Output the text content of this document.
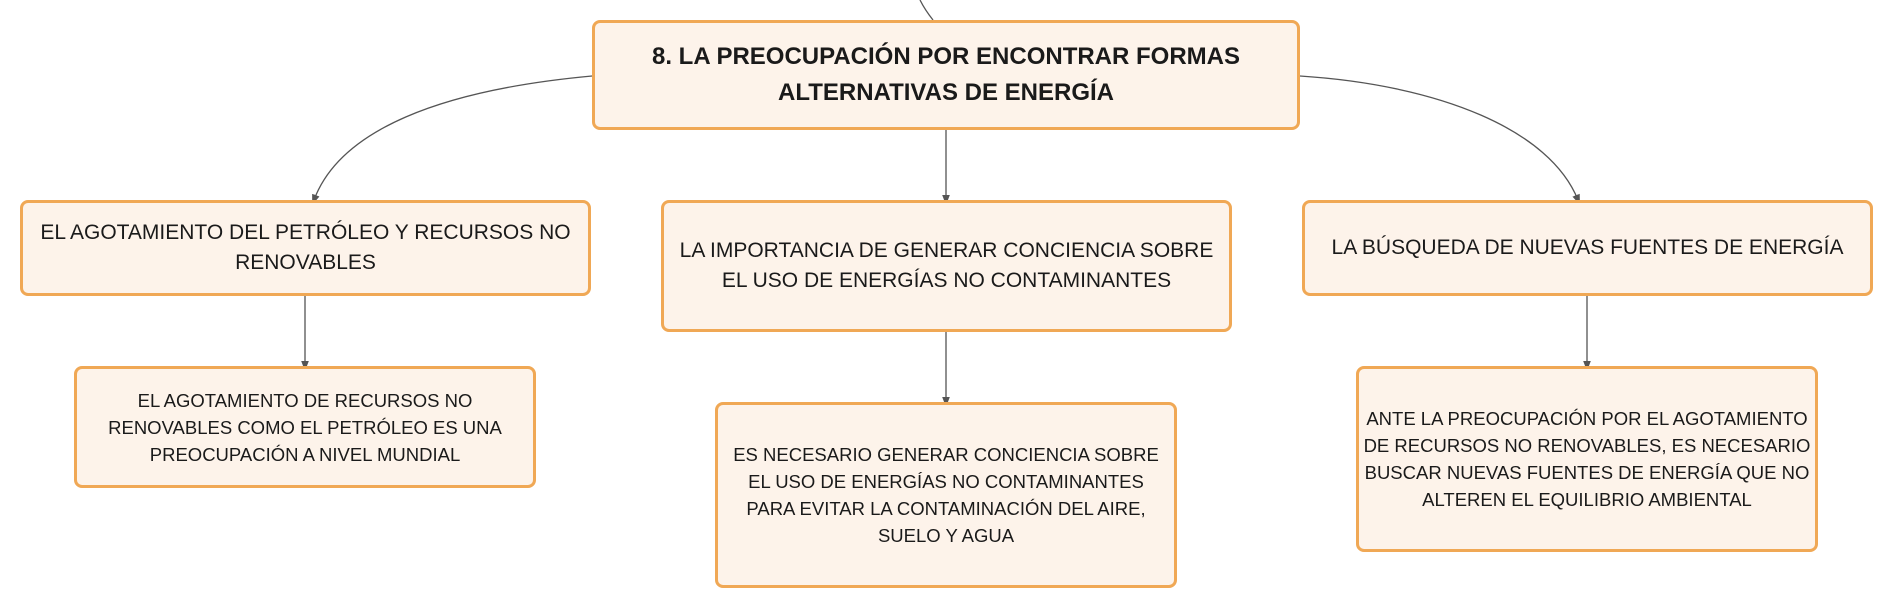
8. LA PREOCUPACIÓN POR ENCONTRAR FORMAS ALTERNATIVAS DE ENERGÍA
EL AGOTAMIENTO DEL PETRÓLEO Y RECURSOS NO RENOVABLES
LA IMPORTANCIA DE GENERAR CONCIENCIA SOBRE EL USO DE ENERGÍAS NO CONTAMINANTES
LA BÚSQUEDA DE NUEVAS FUENTES DE ENERGÍA
EL AGOTAMIENTO DE RECURSOS NO RENOVABLES COMO EL PETRÓLEO ES UNA PREOCUPACIÓN A NIVEL MUNDIAL	ES NECESARIO GENERAR CONCIENCIA SOBRE EL USO DE ENERGÍAS NO CONTAMINANTES PARA EVITAR LA CONTAMINACIÓN DEL AIRE, SUELO Y AGUA
ANTE LA PREOCUPACIÓN POR EL AGOTAMIENTO DE RECURSOS NO RENOVABLES, ES NECESARIO BUSCAR NUEVAS FUENTES DE ENERGÍA QUE NO ALTEREN EL EQUILIBRIO AMBIENTAL
